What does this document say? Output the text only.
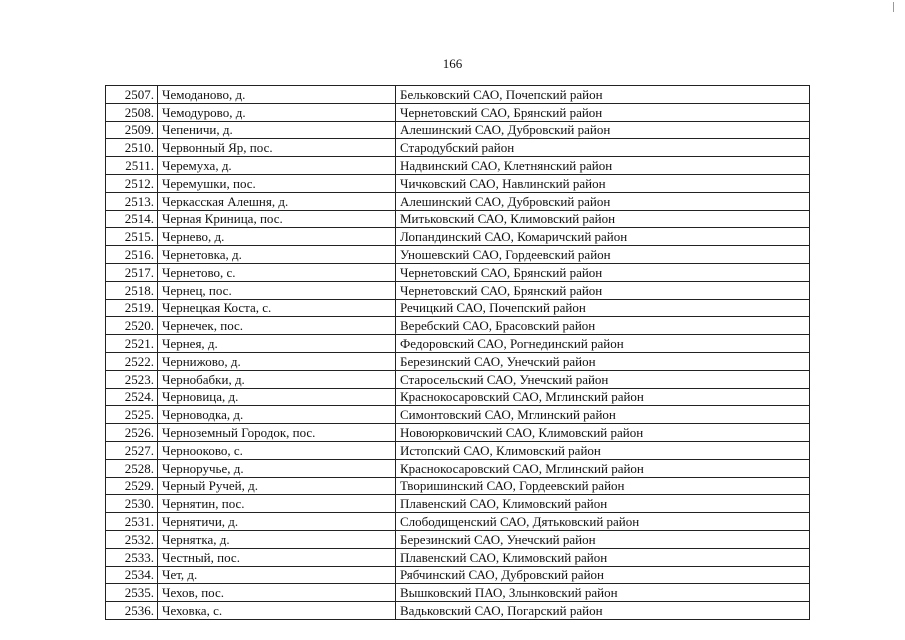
166
2507.	Чемоданово, д.	Бельковский САО, Почепский район
2508.	Чемодурово, д.	Чернетовский САО, Брянский район
2509.	Чепеничи, д.	Алешинский САО, Дубровский район
2510.	Червонный Яр, пос.	Стародубский район
2511.	Черемуха, д.	Надвинский САО, Клетнянский район
2512.	Черемушки, пос.	Чичковский САО, Навлинский район
2513.	Черкасская Алешня, д.	Алешинский САО, Дубровский район
2514.	Черная Криница, пос.	Митьковский САО, Климовский район
2515.	Чернево, д.	Лопандинский САО, Комаричский район
2516.	Чернетовка, д.	Уношевский САО, Гордеевский район
2517.	Чернетово, с.	Чернетовский САО, Брянский район
2518.	Чернец, пос.	Чернетовский САО, Брянский район
2519.	Чернецкая Коста, с.	Речицкий САО, Почепский район
2520.	Чернечек, пос.	Веребский САО, Брасовский район
2521.	Чернея, д.	Федоровский САО, Рогнединский район
2522.	Чернижово, д.	Березинский САО, Унечский район
2523.	Чернобабки, д.	Старосельский САО, Унечский район
2524.	Черновица, д.	Краснокосаровский САО, Мглинский район
2525.	Черноводка, д.	Симонтовский САО, Мглинский район
2526.	Черноземный Городок, пос.	Новоюрковичский САО, Климовский район
2527.	Чернооково, с.	Истопский САО, Климовский район
2528.	Черноручье, д.	Краснокосаровский САО, Мглинский район
2529.	Черный Ручей, д.	Творишинский САО, Гордеевский район
2530.	Чернятин, пос.	Плавенский САО, Климовский район
2531.	Чернятичи, д.	Слободищенский САО, Дятьковский район
2532.	Чернятка, д.	Березинский САО, Унечский район
2533.	Честный, пос.	Плавенский САО, Климовский район
2534.	Чет, д.	Рябчинский САО, Дубровский район
2535.	Чехов, пос.	Вышковский ПАО, Злынковский район
2536.	Чеховка, с.	Вадьковский САО, Погарский район
